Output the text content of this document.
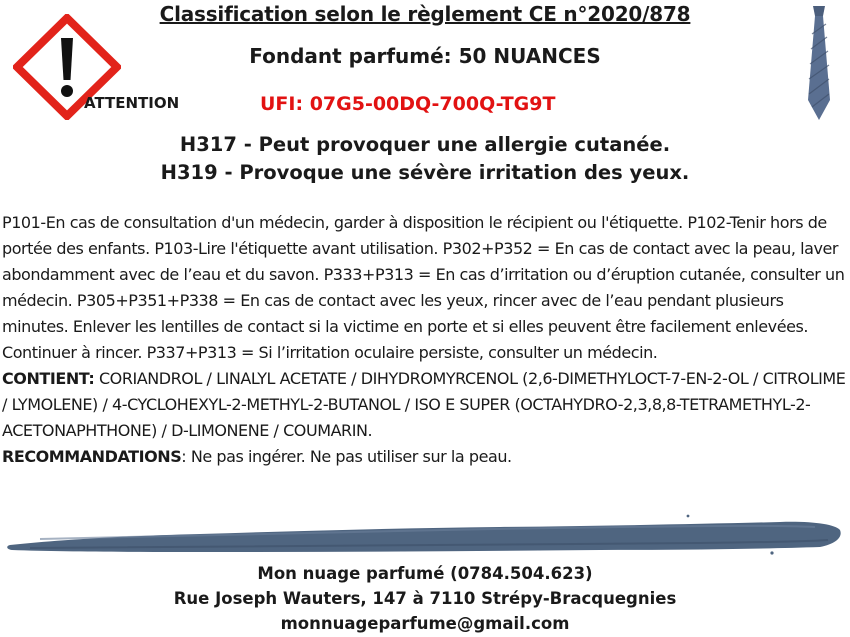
Classification selon le règlement CE n°2020/878
Fondant parfumé: 50 NUANCES
ATTENTION	UFI: 07G5-00DQ-700Q-TG9T
H317 - Peut provoquer une allergie cutanée.
H319 - Provoque une sévère irritation des yeux.
P101-En cas de consultation d'un médecin, garder à disposition le récipient ou l'étiquette. P102-Tenir hors de portée des enfants. P103-Lire l'étiquette avant utilisation. P302+P352 = En cas de contact avec la peau, laver abondamment avec de l’eau et du savon. P333+P313 = En cas d’irritation ou d’éruption cutanée, consulter un médecin. P305+P351+P338 = En cas de contact avec les yeux, rincer avec de l’eau pendant plusieurs minutes. Enlever les lentilles de contact si la victime en porte et si elles peuvent être facilement enlevées. Continuer à rincer. P337+P313 = Si l’irritation oculaire persiste, consulter un médecin.
CONTIENT: CORIANDROL / LINALYL ACETATE / DIHYDROMYRCENOL (2,6-DIMETHYLOCT-7-EN-2-OL / CITROLIME / LYMOLENE) / 4-CYCLOHEXYL-2-METHYL-2-BUTANOL / ISO E SUPER (OCTAHYDRO-2,3,8,8-TETRAMETHYL-2-ACETONAPHTHONE) / D-LIMONENE / COUMARIN.
RECOMMANDATIONS: Ne pas ingérer. Ne pas utiliser sur la peau.
Mon nuage parfumé (0784.504.623)
Rue Joseph Wauters, 147 à 7110 Strépy-Bracquegnies
monnuageparfume@gmail.com
